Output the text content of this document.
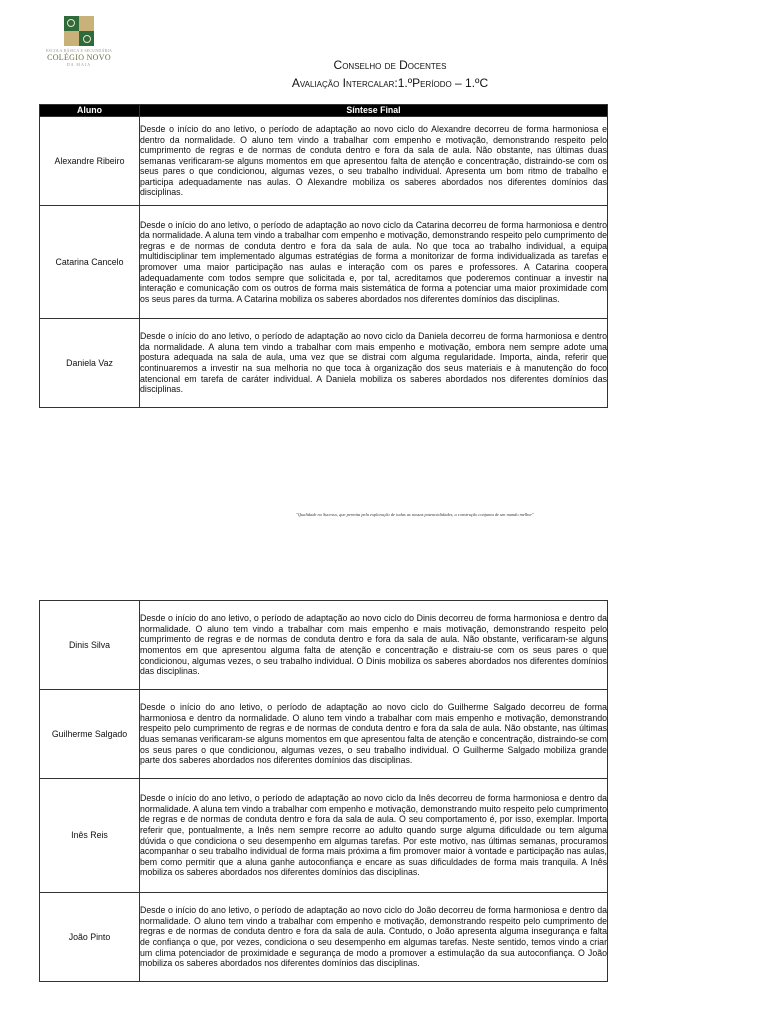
ESCOLA BÁSICA E SECUNDÁRIA
COLÉGIO NOVO
DA MAIA	Conselho de Docentes
Avaliação Intercalar:1.ºPeríodo – 1.ºC
Aluno	Síntese Final
Alexandre Ribeiro	Desde o início do ano letivo, o período de adaptação ao novo ciclo do Alexandre decorreu de forma harmoniosa e dentro da normalidade. O aluno tem vindo a trabalhar com empenho e motivação, demonstrando respeito pelo cumprimento de regras e de normas de conduta dentro e fora da sala de aula. Não obstante, nas últimas duas semanas verificaram-se alguns momentos em que apresentou falta de atenção e concentração, distraindo-se com os seus pares o que condicionou, algumas vezes, o seu trabalho individual. Apresenta um bom ritmo de trabalho e participa adequadamente nas aulas. O Alexandre mobiliza os saberes abordados nos diferentes domínios das disciplinas.
Catarina Cancelo	Desde o início do ano letivo, o período de adaptação ao novo ciclo da Catarina decorreu de forma harmoniosa e dentro da normalidade. A aluna tem vindo a trabalhar com empenho e motivação, demonstrando respeito pelo cumprimento de regras e de normas de conduta dentro e fora da sala de aula. No que toca ao trabalho individual, a equipa multidisciplinar tem implementado algumas estratégias de forma a monitorizar de forma individualizada as tarefas e promover uma maior participação nas aulas e interação com os pares e professores. A Catarina coopera adequadamente com todos sempre que solicitada e, por tal, acreditamos que poderemos continuar a investir na interação e comunicação com os outros de forma mais sistemática de forma a potenciar uma maior proximidade com os seus pares da turma. A Catarina mobiliza os saberes abordados nos diferentes domínios das disciplinas.
Daniela Vaz	Desde o início do ano letivo, o período de adaptação ao novo ciclo da Daniela decorreu de forma harmoniosa e dentro da normalidade. A aluna tem vindo a trabalhar com mais empenho e motivação, embora nem sempre adote uma postura adequada na sala de aula, uma vez que se distrai com alguma regularidade. Importa, ainda, referir que continuaremos a investir na sua melhoria no que toca à organização dos seus materiais e à manutenção do foco atencional em tarefa de caráter individual. A Daniela mobiliza os saberes abordados nos diferentes domínios das disciplinas.
"Qualidade no Sucesso, que permita pela exploração de todas as nossas potencialidades, a construção conjunta de um mundo melhor"
Dinis Silva	Desde o início do ano letivo, o período de adaptação ao novo ciclo do Dinis decorreu de forma harmoniosa e dentro da normalidade. O aluno tem vindo a trabalhar com mais empenho e mais motivação, demonstrando respeito pelo cumprimento de regras e de normas de conduta dentro e fora da sala de aula. Não obstante, verificaram-se alguns momentos em que apresentou alguma falta de atenção e concentração e distraiu-se com os seus pares o que condicionou, algumas vezes, o seu trabalho individual. O Dinis mobiliza os saberes abordados nos diferentes domínios das disciplinas.
Guilherme Salgado	Desde o início do ano letivo, o período de adaptação ao novo ciclo do Guilherme Salgado decorreu de forma harmoniosa e dentro da normalidade. O aluno tem vindo a trabalhar com mais empenho e motivação, demonstrando respeito pelo cumprimento de regras e de normas de conduta dentro e fora da sala de aula. Não obstante, nas últimas duas semanas verificaram-se alguns momentos em que apresentou falta de atenção e concentração, distraindo-se com os seus pares o que condicionou, algumas vezes, o seu trabalho individual. O Guilherme Salgado mobiliza grande parte dos saberes abordados nos diferentes domínios das disciplinas.
Inês Reis	Desde o início do ano letivo, o período de adaptação ao novo ciclo da Inês decorreu de forma harmoniosa e dentro da normalidade. A aluna tem vindo a trabalhar com empenho e motivação, demonstrando muito respeito pelo cumprimento de regras e de normas de conduta dentro e fora da sala de aula. O seu comportamento é, por isso, exemplar. Importa referir que, pontualmente, a Inês nem sempre recorre ao adulto quando surge alguma dificuldade ou tem alguma dúvida o que condiciona o seu desempenho em algumas tarefas. Por este motivo, nas últimas semanas, procuramos acompanhar o seu trabalho individual de forma mais próxima a fim promover maior à vontade e participação nas aulas, bem como permitir que a aluna ganhe autoconfiança e encare as suas dificuldades de forma mais tranquila. A Inês mobiliza os saberes abordados nos diferentes domínios das disciplinas.
João Pinto	Desde o início do ano letivo, o período de adaptação ao novo ciclo do João decorreu de forma harmoniosa e dentro da normalidade. O aluno tem vindo a trabalhar com empenho e motivação, demonstrando respeito pelo cumprimento de regras e de normas de conduta dentro e fora da sala de aula. Contudo, o João apresenta alguma insegurança e falta de confiança o que, por vezes, condiciona o seu desempenho em algumas tarefas. Neste sentido, temos vindo a criar um clima potenciador de proximidade e segurança de modo a promover a estimulação da sua autoconfiança. O João mobiliza os saberes abordados nos diferentes domínios das disciplinas.
